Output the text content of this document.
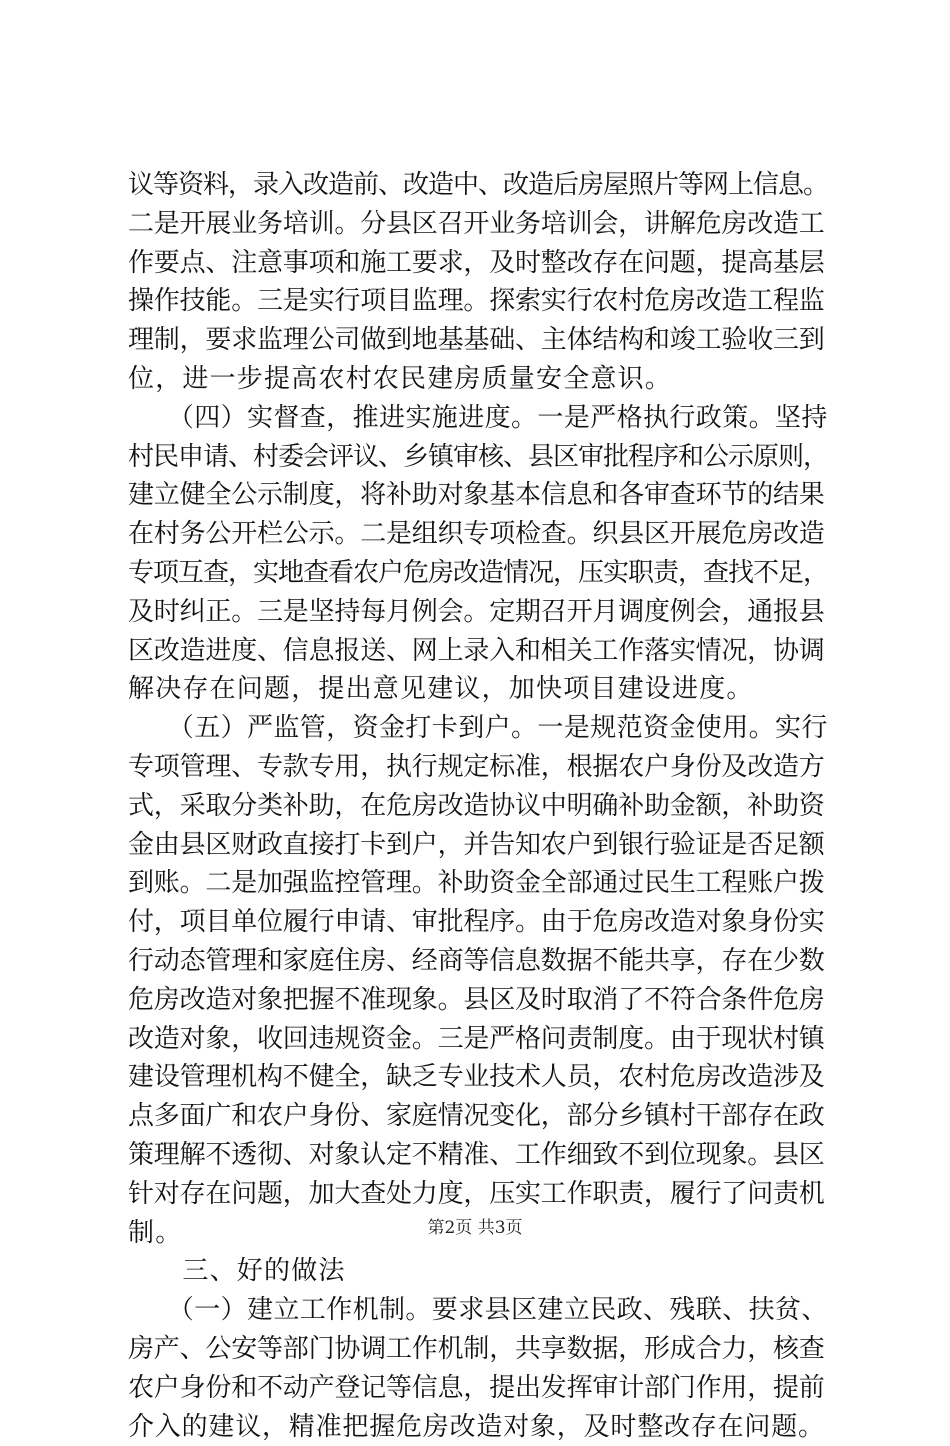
议等资料，录入改造前、改造中、改造后房屋照片等网上信息。
二是开展业务培训。分县区召开业务培训会，讲解危房改造工
作要点、注意事项和施工要求，及时整改存在问题，提高基层
操作技能。三是实行项目监理。探索实行农村危房改造工程监
理制，要求监理公司做到地基基础、主体结构和竣工验收三到
位，进一步提高农村农民建房质量安全意识。
　　（四）实督查，推进实施进度。一是严格执行政策。坚持
村民申请、村委会评议、乡镇审核、县区审批程序和公示原则，
建立健全公示制度，将补助对象基本信息和各审查环节的结果
在村务公开栏公示。二是组织专项检查。织县区开展危房改造
专项互查，实地查看农户危房改造情况，压实职责，查找不足，
及时纠正。三是坚持每月例会。定期召开月调度例会，通报县
区改造进度、信息报送、网上录入和相关工作落实情况，协调
解决存在问题，提出意见建议，加快项目建设进度。
　　（五）严监管，资金打卡到户。一是规范资金使用。实行
专项管理、专款专用，执行规定标准，根据农户身份及改造方
式，采取分类补助，在危房改造协议中明确补助金额，补助资
金由县区财政直接打卡到户，并告知农户到银行验证是否足额
到账。二是加强监控管理。补助资金全部通过民生工程账户拨
付，项目单位履行申请、审批程序。由于危房改造对象身份实
行动态管理和家庭住房、经商等信息数据不能共享，存在少数
危房改造对象把握不准现象。县区及时取消了不符合条件危房
改造对象，收回违规资金。三是严格问责制度。由于现状村镇
建设管理机构不健全，缺乏专业技术人员，农村危房改造涉及
点多面广和农户身份、家庭情况变化，部分乡镇村干部存在政
策理解不透彻、对象认定不精准、工作细致不到位现象。县区
针对存在问题，加大查处力度，压实工作职责，履行了问责机
制。
　　三、好的做法
　　（一）建立工作机制。要求县区建立民政、残联、扶贫、
房产、公安等部门协调工作机制，共享数据，形成合力，核查
农户身份和不动产登记等信息，提出发挥审计部门作用，提前
介入的建议，精准把握危房改造对象，及时整改存在问题。
第2页 共3页
